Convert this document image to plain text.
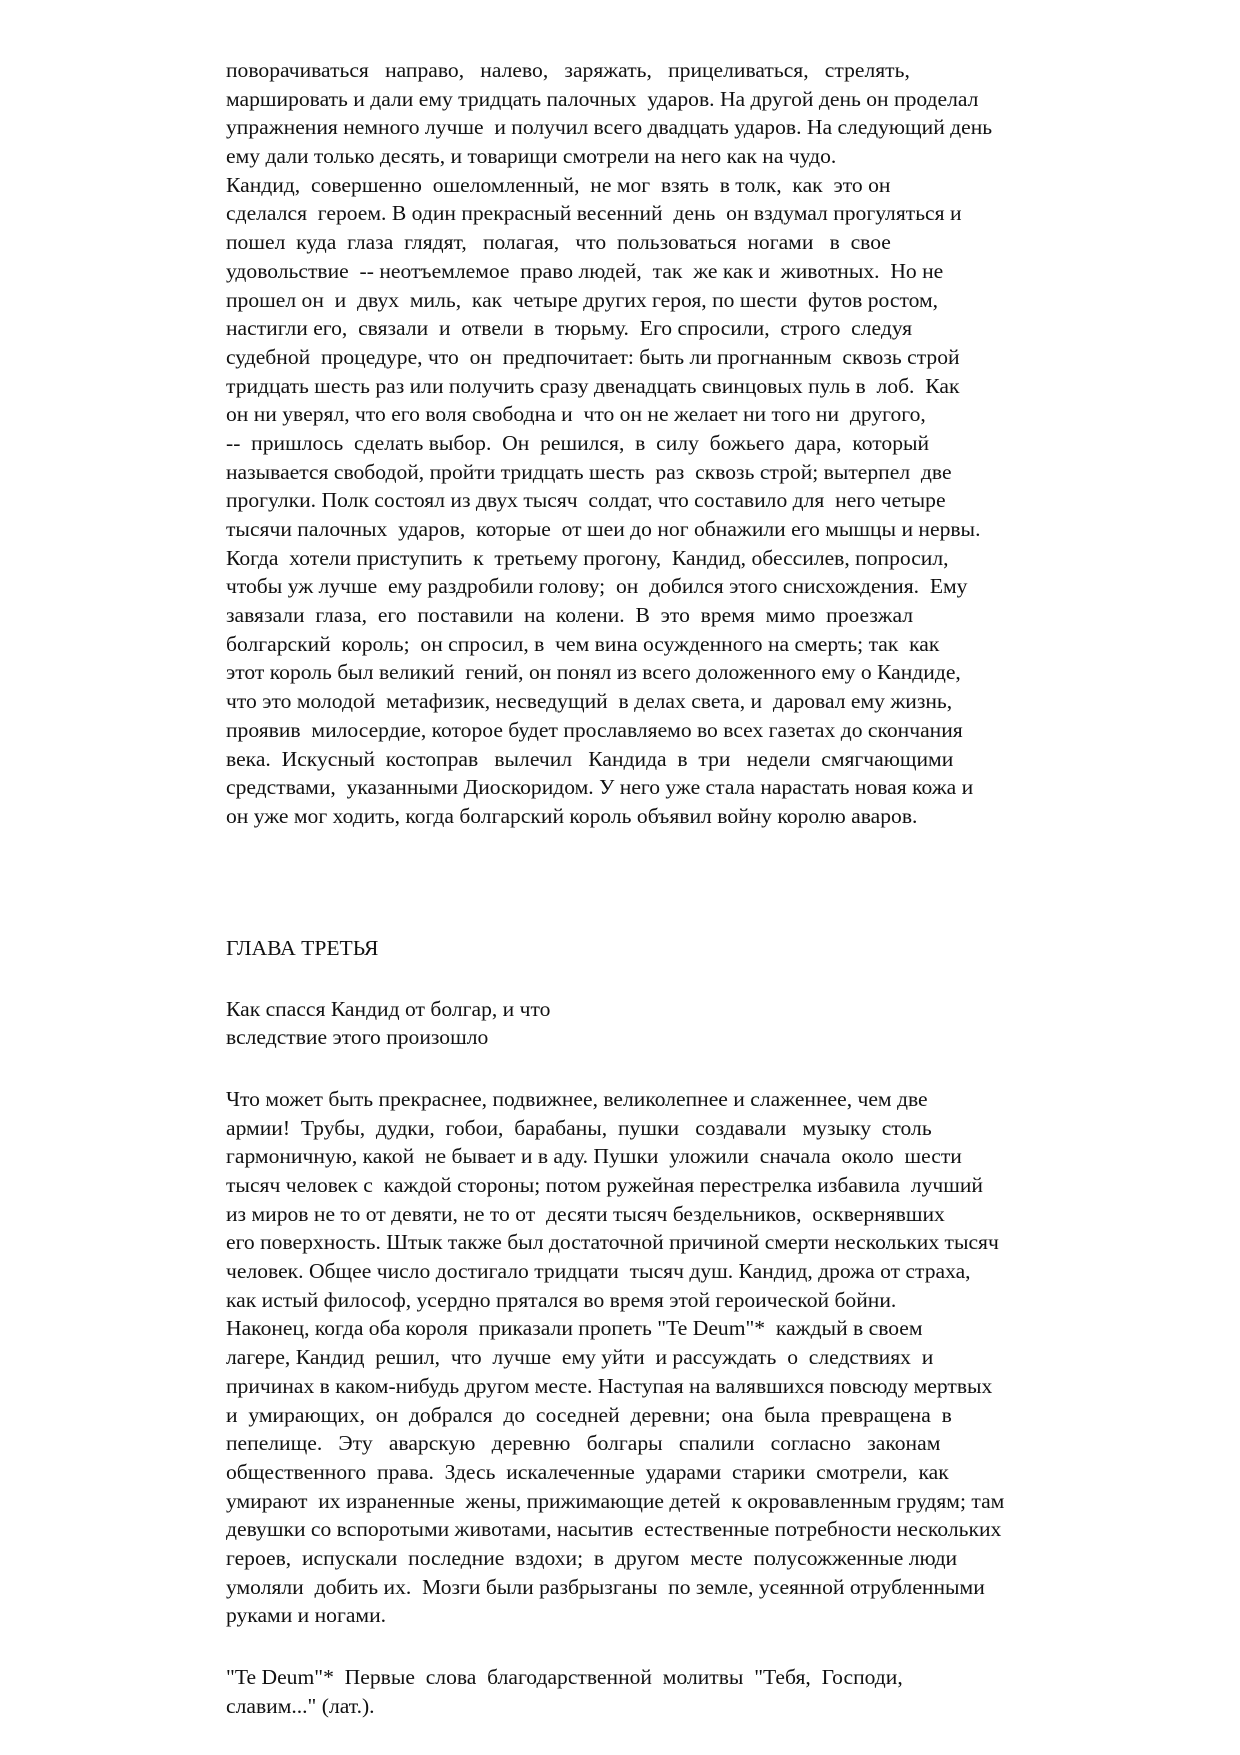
поворачиваться   направо,   налево,   заряжать,   прицеливаться,   стрелять,
маршировать и дали ему тридцать палочных  ударов. На другой день он проделал
упражнения немного лучше  и получил всего двадцать ударов. На следующий день
ему дали только десять, и товарищи смотрели на него как на чудо.
Кандид,  совершенно  ошеломленный,  не мог  взять  в толк,  как  это он
сделался  героем. В один прекрасный весенний  день  он вздумал прогуляться и
пошел  куда  глаза  глядят,   полагая,   что  пользоваться  ногами   в  свое
удовольствие  -- неотъемлемое  право людей,  так  же как и  животных.  Но не
прошел он  и  двух  миль,  как  четыре других героя, по шести  футов ростом,
настигли его,  связали  и  отвели  в  тюрьму.  Его спросили,  строго  следуя
судебной  процедуре, что  он  предпочитает: быть ли прогнанным  сквозь строй
тридцать шесть раз или получить сразу двенадцать свинцовых пуль в  лоб.  Как
он ни уверял, что его воля свободна и  что он не желает ни того ни  другого,
--  пришлось  сделать выбор.  Он  решился,  в  силу  божьего  дара,  который
называется свободой, пройти тридцать шесть  раз  сквозь строй; вытерпел  две
прогулки. Полк состоял из двух тысяч  солдат, что составило для  него четыре
тысячи палочных  ударов,  которые  от шеи до ног обнажили его мышцы и нервы.
Когда  хотели приступить  к  третьему прогону,  Кандид, обессилев, попросил,
чтобы уж лучше  ему раздробили голову;  он  добился этого снисхождения.  Ему
завязали  глаза,  его  поставили  на  колени.  В  это  время  мимо  проезжал
болгарский  король;  он спросил, в  чем вина осужденного на смерть; так  как
этот король был великий  гений, он понял из всего доложенного ему о Кандиде,
что это молодой  метафизик, несведущий  в делах света, и  даровал ему жизнь,
проявив  милосердие, которое будет прославляемо во всех газетах до скончания
века.  Искусный  костоправ   вылечил   Кандида  в  три   недели  смягчающими
средствами,  указанными Диоскоридом. У него уже стала нарастать новая кожа и
он уже мог ходить, когда болгарский король объявил войну королю аваров.
ГЛАВА ТРЕТЬЯ
Как спасся Кандид от болгар, и что
вследствие этого произошло
Что может быть прекраснее, подвижнее, великолепнее и слаженнее, чем две
армии!  Трубы,  дудки,  гобои,  барабаны,  пушки   создавали   музыку  столь
гармоничную, какой  не бывает и в аду. Пушки  уложили  сначала  около  шести
тысяч человек с  каждой стороны; потом ружейная перестрелка избавила  лучший
из миров не то от девяти, не то от  десяти тысяч бездельников,  осквернявших
его поверхность. Штык также был достаточной причиной смерти нескольких тысяч
человек. Общее число достигало тридцати  тысяч душ. Кандид, дрожа от страха,
как истый философ, усердно прятался во время этой героической бойни.
Наконец, когда оба короля  приказали пропеть "Te Deum"*  каждый в своем
лагере, Кандид  решил,  что  лучше  ему уйти  и рассуждать  о  следствиях  и
причинах в каком-нибудь другом месте. Наступая на валявшихся повсюду мертвых
и  умирающих,  он  добрался  до  соседней  деревни;  она  была  превращена  в
пепелище.   Эту   аварскую   деревню   болгары   спалили   согласно   законам
общественного  права.  Здесь  искалеченные  ударами  старики  смотрели,  как
умирают  их израненные  жены, прижимающие детей  к окровавленным грудям; там
девушки со вспоротыми животами, насытив  естественные потребности нескольких
героев,  испускали  последние  вздохи;  в  другом  месте  полусожженные люди
умоляли  добить их.  Мозги были разбрызганы  по земле, усеянной отрубленными
руками и ногами.
"Te Deum"*  Первые  слова  благодарственной  молитвы  "Тебя,  Господи,
славим..." (лат.).
